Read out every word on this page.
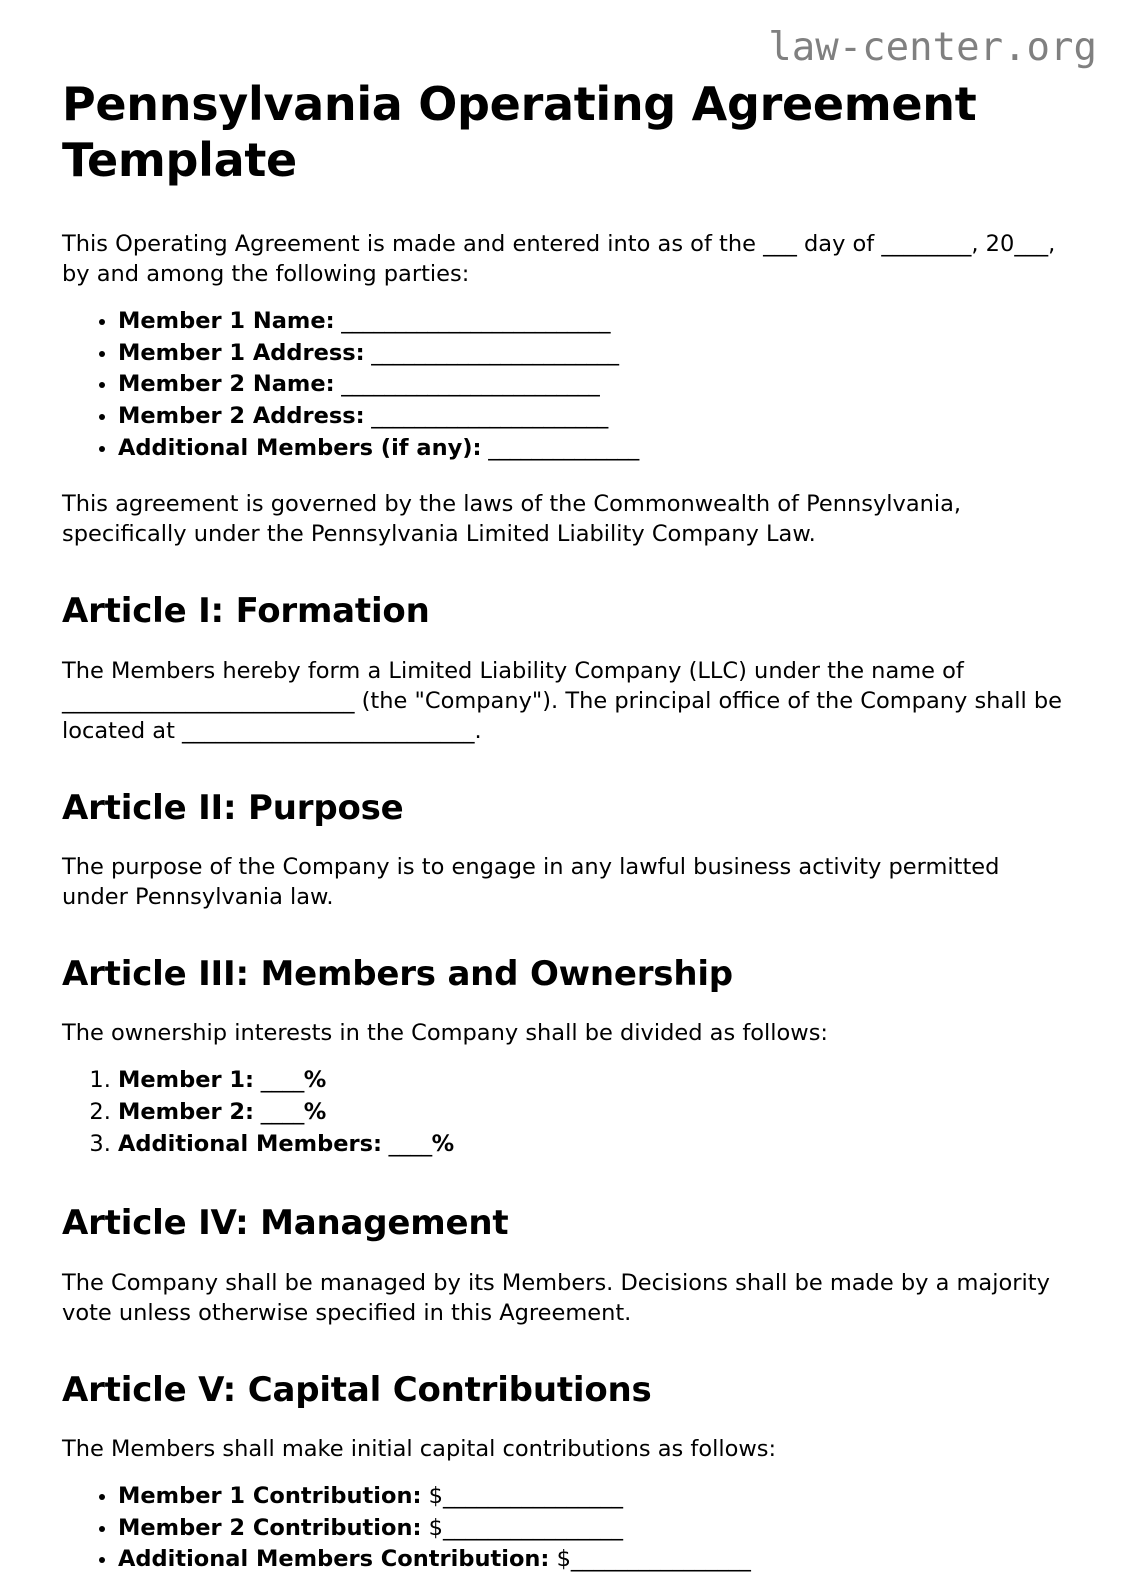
law-center.org
Pennsylvania Operating Agreement Template

This Operating Agreement is made and entered into as of the ___ day of ________, 20___, by and among the following parties:

• Member 1 Name: _________________________
• Member 1 Address: _______________________
• Member 2 Name: ________________________
• Member 2 Address: ______________________
• Additional Members (if any): ______________

This agreement is governed by the laws of the Commonwealth of Pennsylvania, specifically under the Pennsylvania Limited Liability Company Law.

Article I: Formation

The Members hereby form a Limited Liability Company (LLC) under the name of __________________________ (the "Company"). The principal office of the Company shall be located at __________________________.

Article II: Purpose

The purpose of the Company is to engage in any lawful business activity permitted under Pennsylvania law.

Article III: Members and Ownership

The ownership interests in the Company shall be divided as follows:

1. Member 1: ____%
2. Member 2: ____%
3. Additional Members: ____%
Article IV: Management

The Company shall be managed by its Members. Decisions shall be made by a majority vote unless otherwise specified in this Agreement.

Article V: Capital Contributions

The Members shall make initial capital contributions as follows:

• Member 1 Contribution: $________________
• Member 2 Contribution: $________________
• Additional Members Contribution: $________________
